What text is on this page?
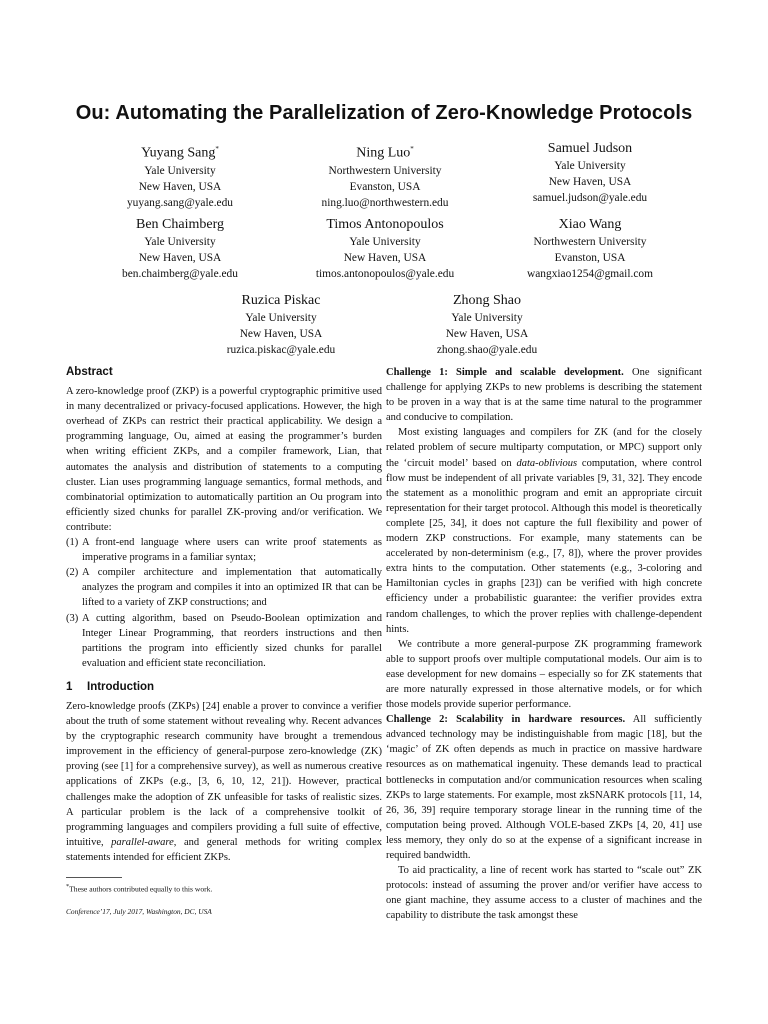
Ou: Automating the Parallelization of Zero-Knowledge Protocols
Yuyang Sang*
Yale University
New Haven, USA
yuyang.sang@yale.edu
Ning Luo*
Northwestern University
Evanston, USA
ning.luo@northwestern.edu
Samuel Judson
Yale University
New Haven, USA
samuel.judson@yale.edu
Ben Chaimberg
Yale University
New Haven, USA
ben.chaimberg@yale.edu
Timos Antonopoulos
Yale University
New Haven, USA
timos.antonopoulos@yale.edu
Xiao Wang
Northwestern University
Evanston, USA
wangxiao1254@gmail.com
Ruzica Piskac
Yale University
New Haven, USA
ruzica.piskac@yale.edu
Zhong Shao
Yale University
New Haven, USA
zhong.shao@yale.edu
Abstract

A zero-knowledge proof (ZKP) is a powerful cryptographic primitive used in many decentralized or privacy-focused applications. However, the high overhead of ZKPs can restrict their practical applicability. We design a programming language, Ou, aimed at easing the programmer’s burden when writing efficient ZKPs, and a compiler framework, Lian, that automates the analysis and distribution of statements to a computing cluster. Lian uses programming language semantics, formal methods, and combinatorial optimization to automatically partition an Ou program into efficiently sized chunks for parallel ZK-proving and/or verification. We contribute:

(1) A front-end language where users can write proof statements as imperative programs in a familiar syntax;
(2) A compiler architecture and implementation that automatically analyzes the program and compiles it into an optimized IR that can be lifted to a variety of ZKP constructions; and
(3) A cutting algorithm, based on Pseudo-Boolean optimization and Integer Linear Programming, that reorders instructions and then partitions the program into efficiently sized chunks for parallel evaluation and efficient state reconciliation.
1 Introduction

Zero-knowledge proofs (ZKPs) [24] enable a prover to convince a verifier about the truth of some statement without revealing why. Recent advances by the cryptographic research community have brought a tremendous improvement in the efficiency of general-purpose zero-knowledge (ZK) proving (see [1] for a comprehensive survey), as well as numerous creative applications of ZKPs (e.g., [3, 6, 10, 12, 21]). However, practical challenges make the adoption of ZK unfeasible for tasks of realistic sizes. A particular problem is the lack of a comprehensive toolkit of programming languages and compilers providing a full suite of effective, intuitive, parallel-aware, and general methods for writing complex statements intended for efficient ZKPs.

*These authors contributed equally to this work.
Conference’17, July 2017, Washington, DC, USA

Challenge 1: Simple and scalable development. One significant challenge for applying ZKPs to new problems is describing the statement to be proven in a way that is at the same time natural to the programmer and conducive to compilation.

Most existing languages and compilers for ZK (and for the closely related problem of secure multiparty computation, or MPC) support only the ‘circuit model’ based on data-oblivious computation, where control flow must be independent of all private variables [9, 31, 32]. They encode the statement as a monolithic program and emit an appropriate circuit representation for their target protocol. Although this model is theoretically complete [25, 34], it does not capture the full flexibility and power of modern ZKP constructions. For example, many statements can be accelerated by non-determinism (e.g., [7, 8]), where the prover provides extra hints to the computation. Other statements (e.g., 3-coloring and Hamiltonian cycles in graphs [23]) can be verified with high concrete efficiency under a probabilistic guarantee: the verifier provides extra random challenges, to which the prover replies with challenge-dependent hints.

We contribute a more general-purpose ZK programming framework able to support proofs over multiple computational models. Our aim is to ease development for new domains – especially so for ZK statements that are more naturally expressed in those alternative models, or for which those models provide superior performance.

Challenge 2: Scalability in hardware resources. All sufficiently advanced technology may be indistinguishable from magic [18], but the ‘magic’ of ZK often depends as much in practice on massive hardware resources as on mathematical ingenuity. These demands lead to practical bottlenecks in computation and/or communication resources when scaling ZKPs to large statements. For example, most zkSNARK protocols [11, 14, 26, 36, 39] require temporary storage linear in the running time of the computation being proved. Although VOLE-based ZKPs [4, 20, 41] use less memory, they only do so at the expense of a significant increase in required bandwidth.

To aid practicality, a line of recent work has started to “scale out” ZK protocols: instead of assuming the prover and/or verifier have access to one giant machine, they assume access to a cluster of machines and the capability to distribute the task amongst these
